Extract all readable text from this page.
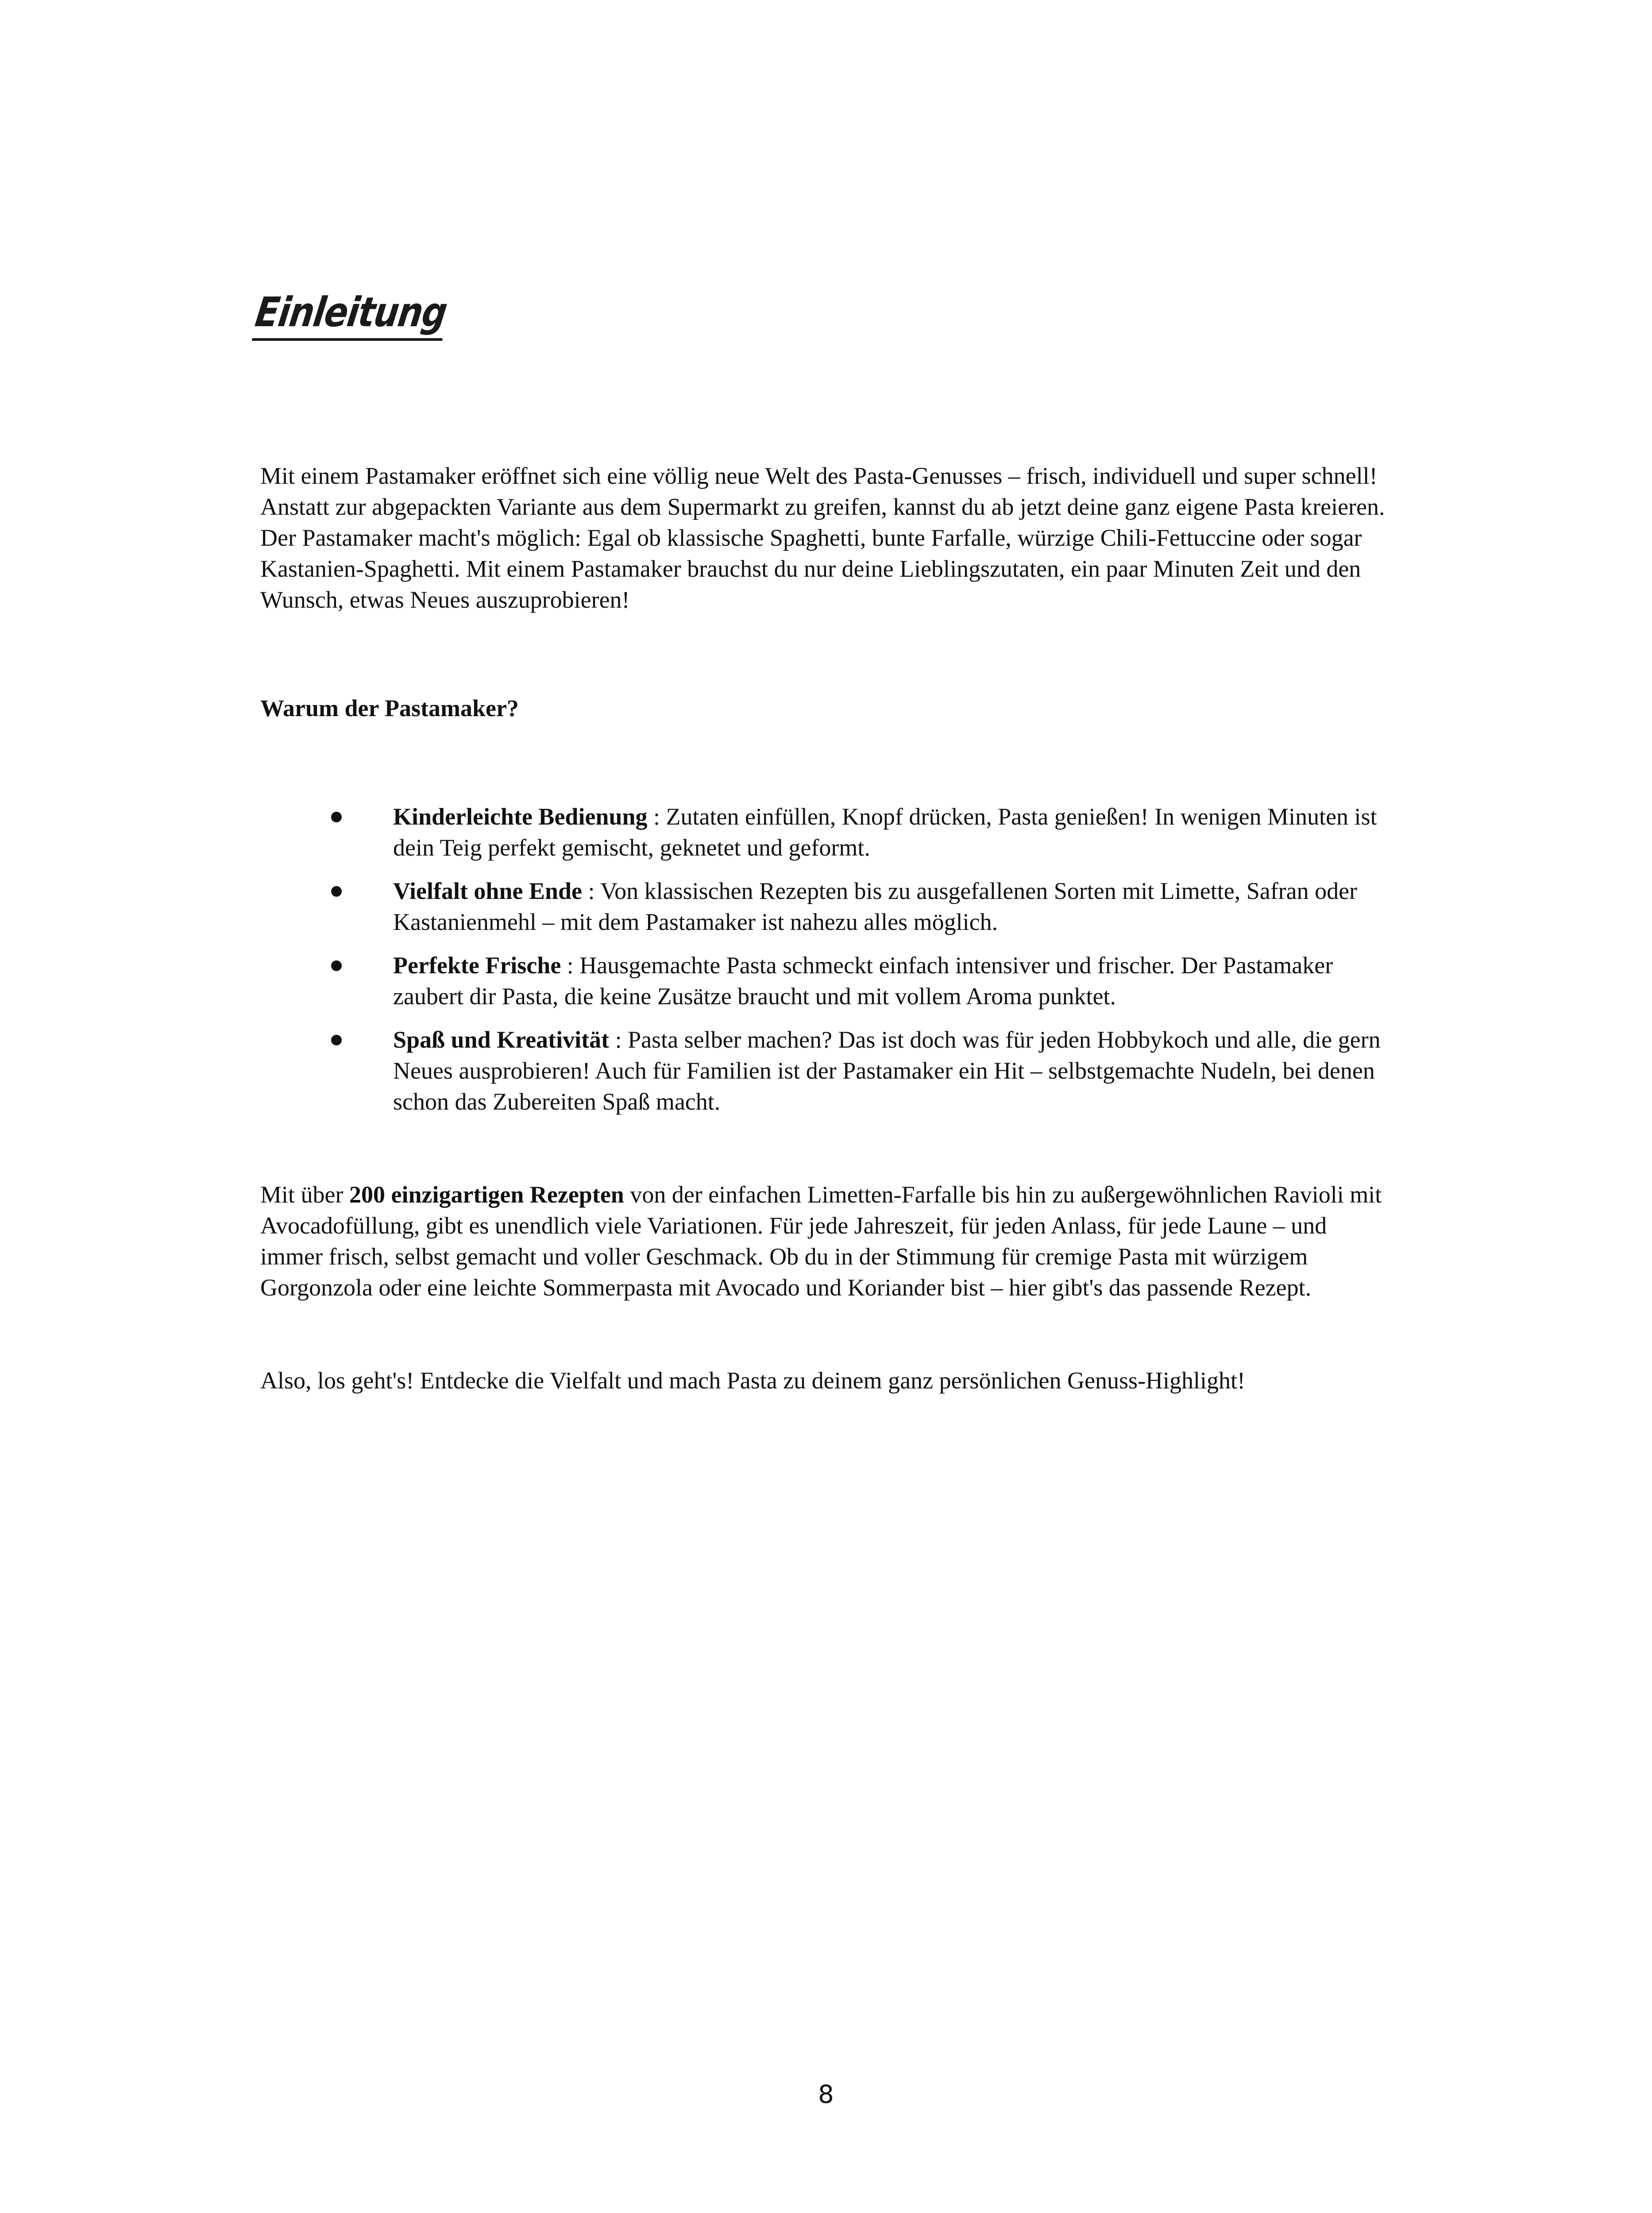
Einleitung

Mit einem Pastamaker eröffnet sich eine völlig neue Welt des Pasta-Genusses – frisch, individuell und super schnell! Anstatt zur abgepackten Variante aus dem Supermarkt zu greifen, kannst du ab jetzt deine ganz eigene Pasta kreieren. Der Pastamaker macht's möglich: Egal ob klassische Spaghetti, bunte Farfalle, würzige Chili-Fettuccine oder sogar Kastanien-Spaghetti. Mit einem Pastamaker brauchst du nur deine Lieblingszutaten, ein paar Minuten Zeit und den Wunsch, etwas Neues auszuprobieren!

Warum der Pastamaker?

Kinderleichte Bedienung : Zutaten einfüllen, Knopf drücken, Pasta genießen! In wenigen Minuten ist dein Teig perfekt gemischt, geknetet und geformt.
Vielfalt ohne Ende : Von klassischen Rezepten bis zu ausgefallenen Sorten mit Limette, Safran oder Kastanienmehl – mit dem Pastamaker ist nahezu alles möglich.
Perfekte Frische : Hausgemachte Pasta schmeckt einfach intensiver und frischer. Der Pastamaker zaubert dir Pasta, die keine Zusätze braucht und mit vollem Aroma punktet.
Spaß und Kreativität : Pasta selber machen? Das ist doch was für jeden Hobbykoch und alle, die gern Neues ausprobieren! Auch für Familien ist der Pastamaker ein Hit – selbstgemachte Nudeln, bei denen schon das Zubereiten Spaß macht.

Mit über 200 einzigartigen Rezepten von der einfachen Limetten-Farfalle bis hin zu außergewöhnlichen Ravioli mit Avocadofüllung, gibt es unendlich viele Variationen. Für jede Jahreszeit, für jeden Anlass, für jede Laune – und immer frisch, selbst gemacht und voller Geschmack. Ob du in der Stimmung für cremige Pasta mit würzigem Gorgonzola oder eine leichte Sommerpasta mit Avocado und Koriander bist – hier gibt's das passende Rezept.

Also, los geht's! Entdecke die Vielfalt und mach Pasta zu deinem ganz persönlichen Genuss-Highlight!

8
